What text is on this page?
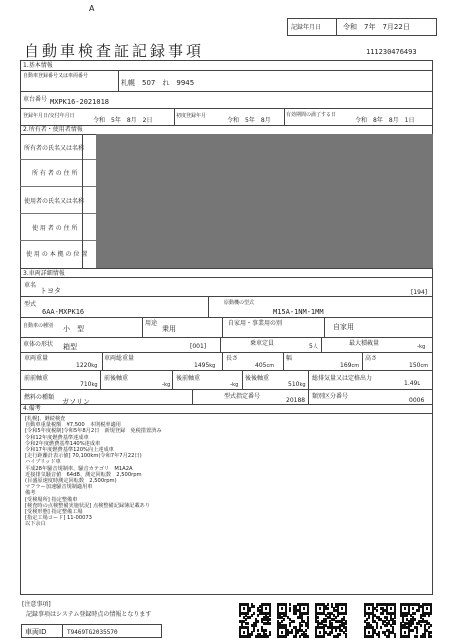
A
記録年月日	令和　7年　7月22日
自動車検査証記録事項	111230476493
1.基本情報
自動車登録番号又は車両番号
札幌　507　れ　9945
車台番号 MXPK16-2021018
登録年月日/交付年月日
令和　5年　8月　2日
初度登録年月
令和　5年　8月
有効期間の満了する日
令和　8年　8月　1日
2.所有者・使用者情報
所有者の氏名又は名称
所 有 者 の 住 所
使用者の氏名又は名称
使 用 者 の 住 所
使 用 の 本 拠 の 位 置
3.車両詳細情報
車名
トヨタ	[194]
型式
6AA-MXPK16
原動機の型式
M15A-1NM-1MM
自動車の種別 小　型
用途
乗用
自家用・事業用の別	自家用
車体の形状 箱型	[001]	乗車定員	5人	最大積載量	-kg
車両重量
1220kg
車両総重量
1495kg
長さ
405cm
幅
169cm
高さ
150cm
前前軸重
710kg
前後軸重
-kg
後前軸重
-kg
後後軸重
510kg
総排気量又は定格出力
1.49L
燃料の種類
ガソリン
型式指定番号
20188
類別区分番号
0006
4.備考
[札幌]、継続検査
自動車重量税額　¥7,500　本則税率適用
[令和5年度税制]令和5年8月2日　新規登録　免税措置済み
令和12年度燃費基準達成車
令和2年度燃費基準140%達成車
令和17年度燃費基準120%向上達成車
[走行距離計表示値] 70,100km(令和7年7月22日)
ハイブリッド車
平成28年騒音規制車、騒音カテゴリ　M1A2A
近接排気騒音値　64dB、測定回転数　2,500rpm
(目盛原速度時測定回転数　2,500rpm)
マフラー加速騒音規制適用車
備考
[受検場所] 指定整備車
[検査時の点検整備実施状況] 点検整備記録簿記載あり
[受検形態] 指定整備工場
[指定工場コード] 11-00073
以下余白
[注意事項]
記録事項はシステム登録時点の情報となります
車両ID	T9469TG2035570
